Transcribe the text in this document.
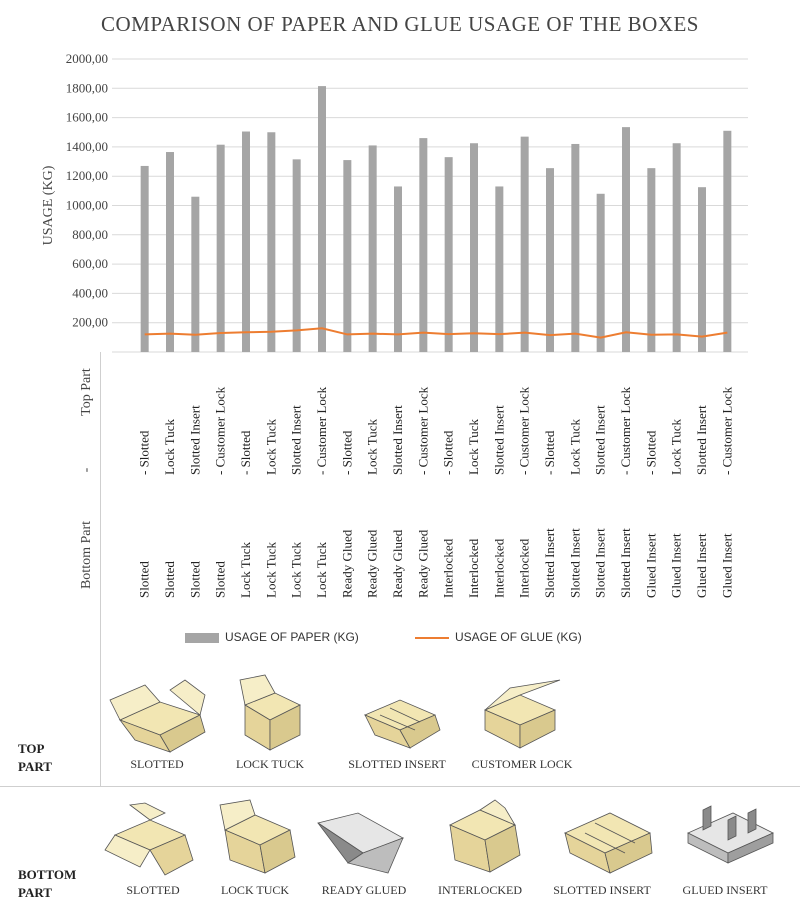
COMPARISON OF PAPER AND GLUE USAGE OF THE BOXES
200,00
400,00
600,00
800,00
1000,00
1200,00
1400,00
1600,00
1800,00
2000,00
USAGE (KG)
- Slotted
Slotted
Lock Tuck
Slotted
Slotted Insert
Slotted
- Customer Lock
Slotted
- Slotted
Lock Tuck
Lock Tuck
Lock Tuck
Slotted Insert
Lock Tuck
- Customer Lock
Lock Tuck
- Slotted
Ready Glued
Lock Tuck
Ready Glued
Slotted Insert
Ready Glued
- Customer Lock
Ready Glued
- Slotted
Interlocked
Lock Tuck
Interlocked
Slotted Insert
Interlocked
- Customer Lock
Interlocked
- Slotted
Slotted Insert
Lock Tuck
Slotted Insert
Slotted Insert
Slotted Insert
- Customer Lock
Slotted Insert
- Slotted
Glued Insert
Lock Tuck
Glued Insert
Slotted Insert
Glued Insert
- Customer Lock
Glued Insert
Top Part
-
Bottom Part
USAGE OF PAPER (KG)	USAGE OF GLUE (KG)
TOP
PART
BOTTOM
PART
SLOTTED	LOCK TUCK	SLOTTED INSERT	CUSTOMER LOCK
SLOTTED	LOCK TUCK	READY GLUED	INTERLOCKED	SLOTTED INSERT	GLUED INSERT
